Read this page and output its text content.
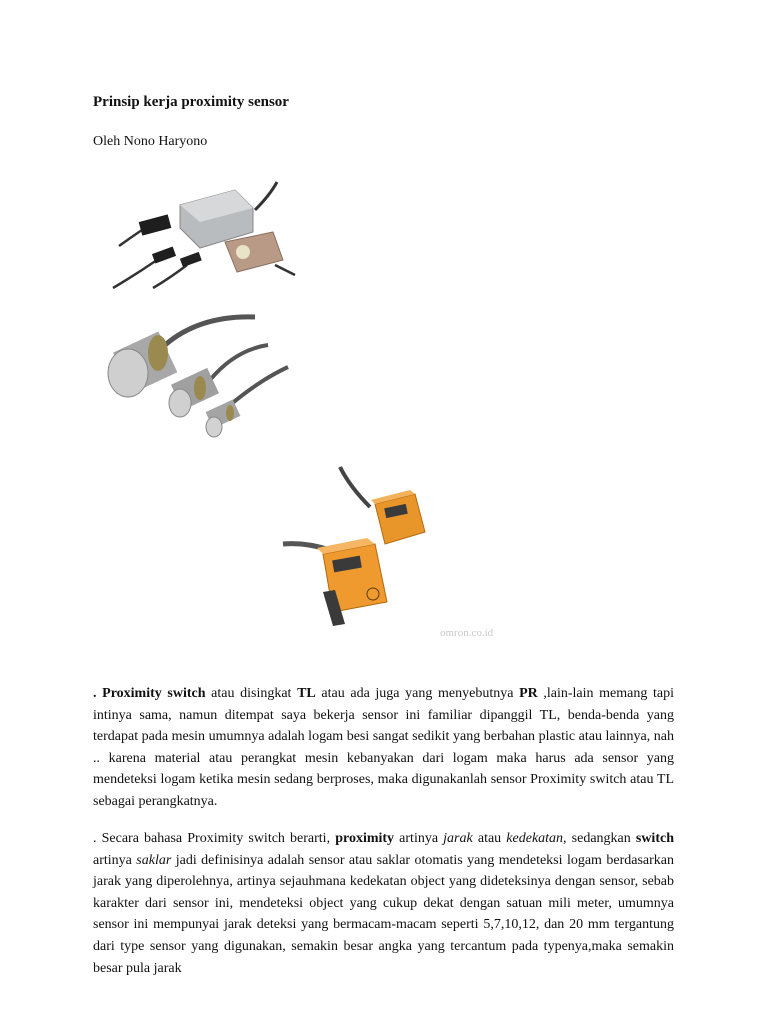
Prinsip kerja proximity sensor

Oleh Nono Haryono

omron.co.id

. Proximity switch atau disingkat TL atau ada juga yang menyebutnya PR ,lain-lain memang tapi intinya sama, namun ditempat saya bekerja sensor ini familiar dipanggil TL, benda-benda yang terdapat pada mesin umumnya adalah logam besi sangat sedikit yang berbahan plastic atau lainnya, nah .. karena material atau perangkat mesin kebanyakan dari logam maka harus ada sensor yang mendeteksi logam ketika mesin sedang berproses, maka digunakanlah sensor Proximity switch atau TL sebagai perangkatnya.

. Secara bahasa Proximity switch berarti, proximity artinya jarak atau kedekatan, sedangkan switch artinya saklar jadi definisinya adalah sensor atau saklar otomatis yang mendeteksi logam berdasarkan jarak yang diperolehnya, artinya sejauhmana kedekatan object yang dideteksinya dengan sensor, sebab karakter dari sensor ini, mendeteksi object yang cukup dekat dengan satuan mili meter, umumnya sensor ini mempunyai jarak deteksi yang bermacam-macam seperti 5,7,10,12, dan 20 mm tergantung dari type sensor yang digunakan, semakin besar angka yang tercantum pada typenya,maka semakin besar pula jarak
